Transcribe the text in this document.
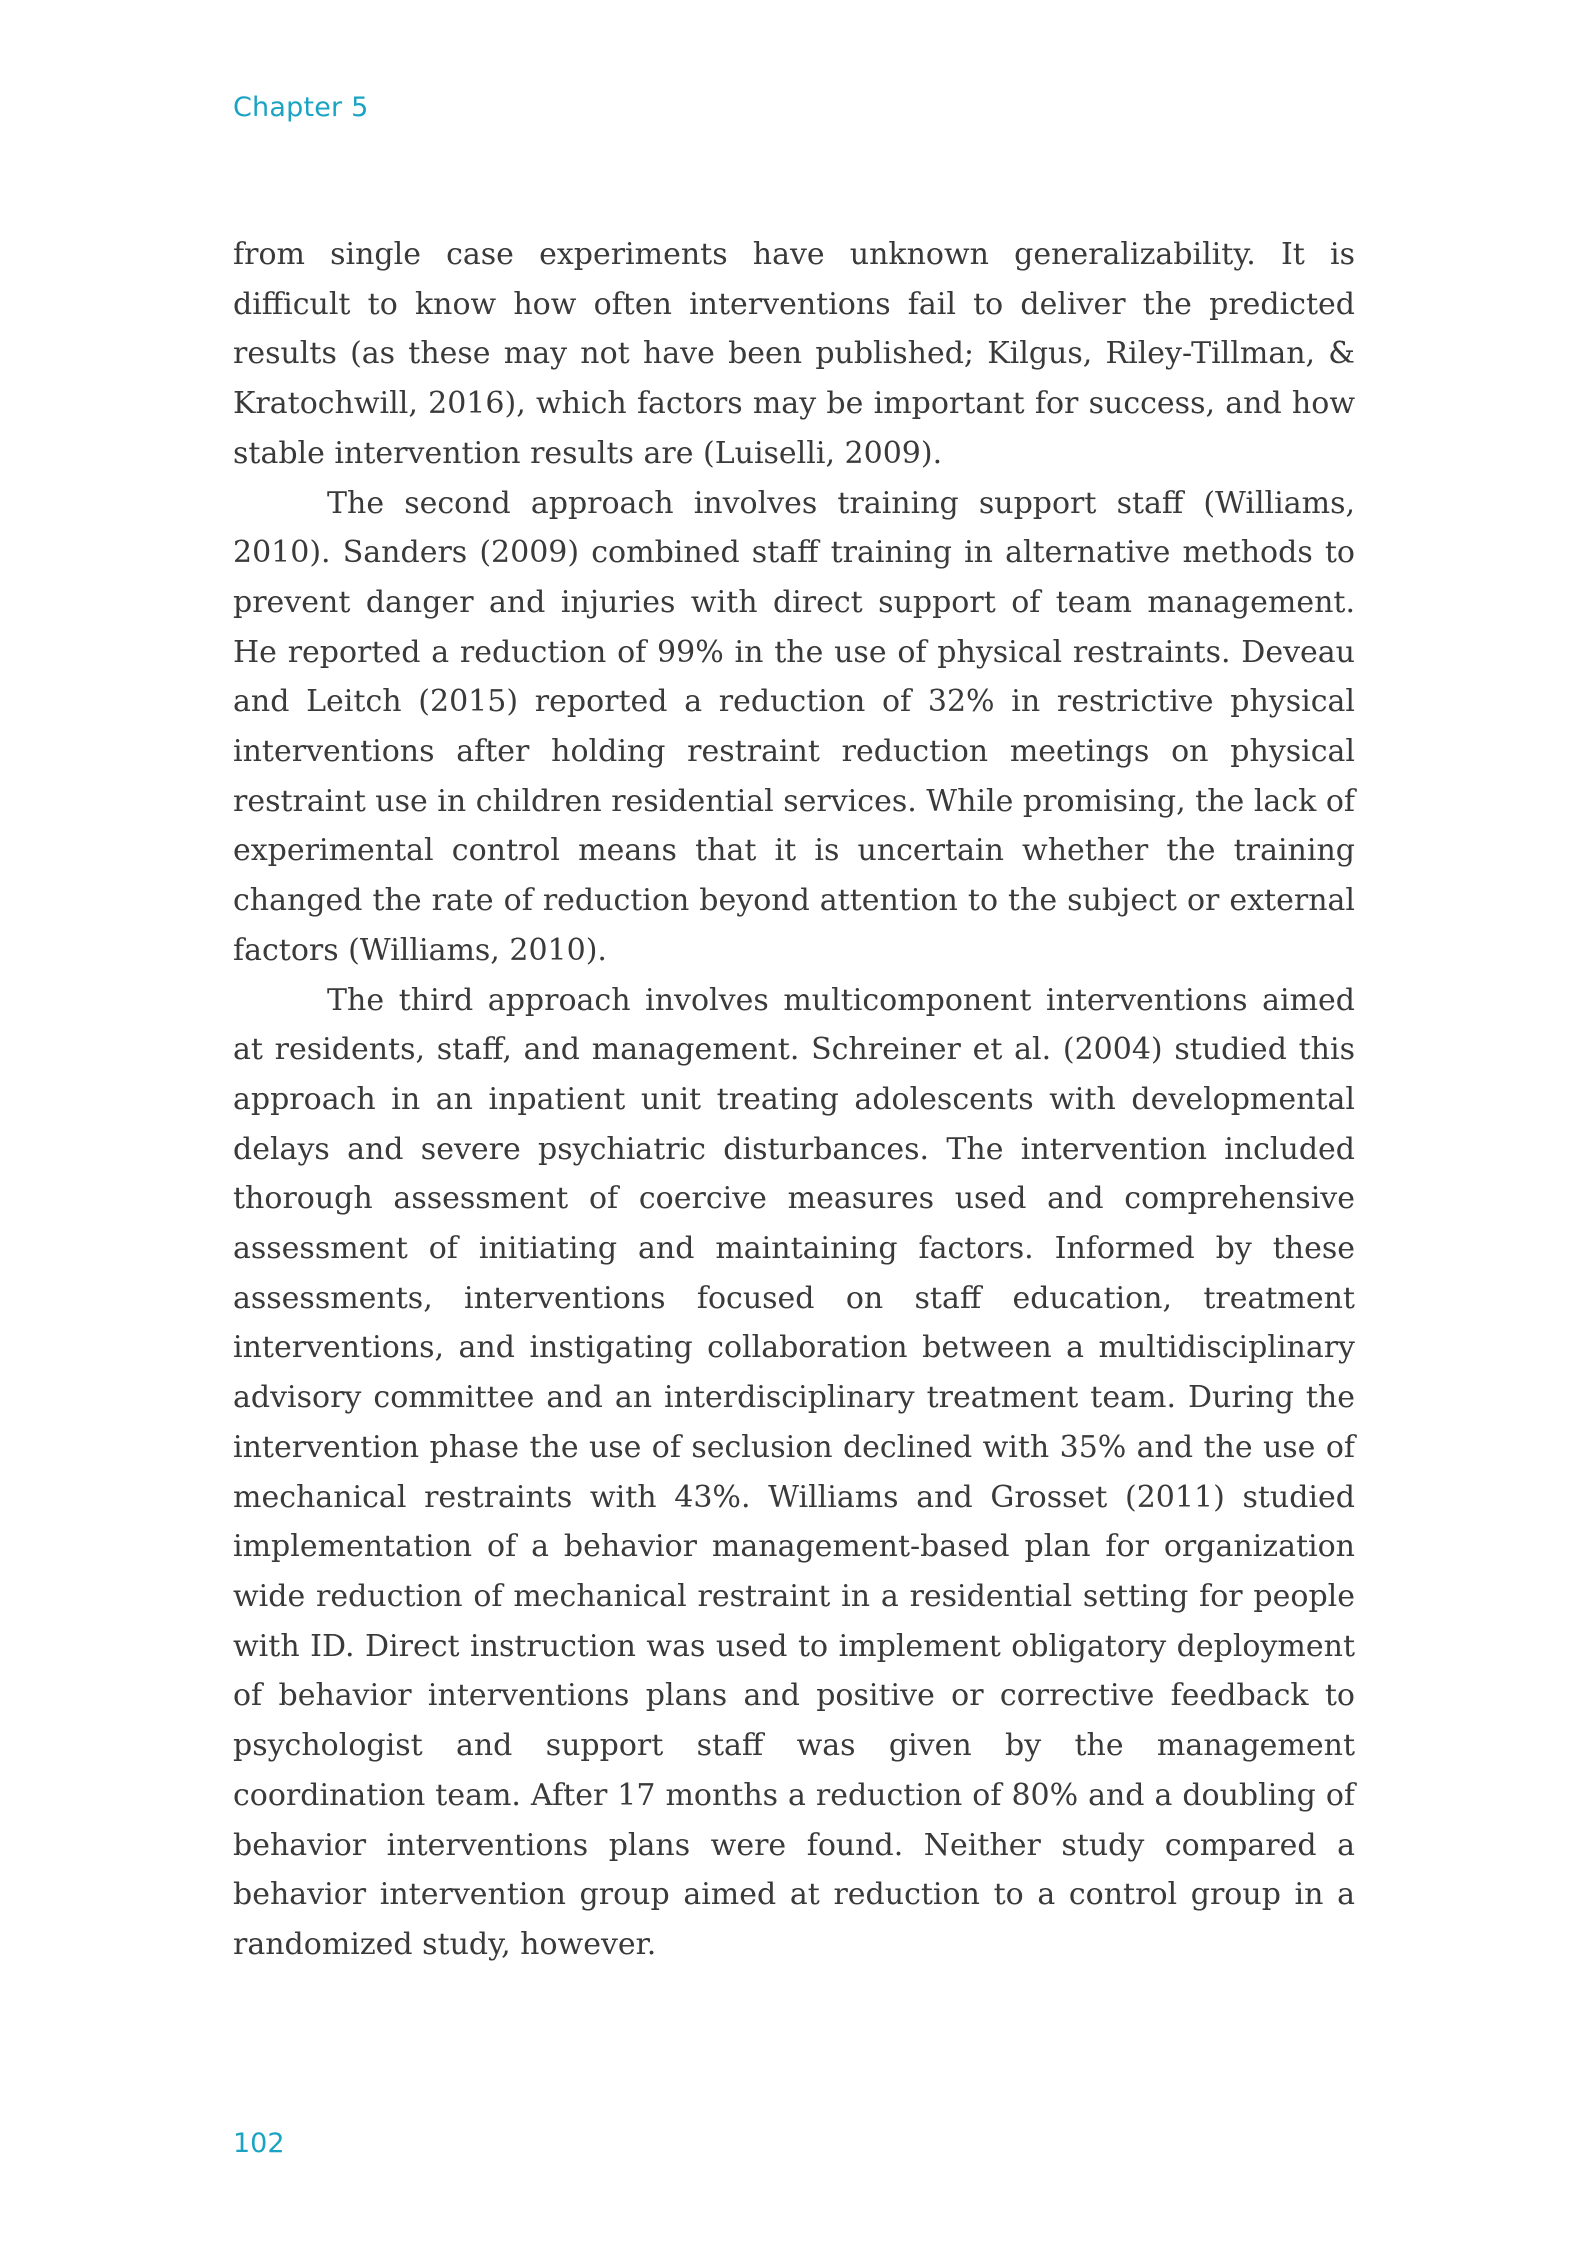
Chapter 5

from single case experiments have unknown generalizability. It is difficult to know how often interventions fail to deliver the predicted results (as these may not have been published; Kilgus, Riley-Tillman, & Kratochwill, 2016), which factors may be important for success, and how stable intervention results are (Luiselli, 2009).

The second approach involves training support staff (Williams, 2010). Sanders (2009) combined staff training in alternative methods to prevent danger and injuries with direct support of team management. He reported a reduction of 99% in the use of physical restraints. Deveau and Leitch (2015) reported a reduction of 32% in restrictive physical interventions after holding restraint reduction meetings on physical restraint use in children residential services. While promising, the lack of experimental control means that it is uncertain whether the training changed the rate of reduction beyond attention to the subject or external factors (Williams, 2010).

The third approach involves multicomponent interventions aimed at residents, staff, and management. Schreiner et al. (2004) studied this approach in an inpatient unit treating adolescents with developmental delays and severe psychiatric disturbances. The intervention included thorough assessment of coercive measures used and comprehensive assessment of initiating and maintaining factors. Informed by these assessments, interventions focused on staff education, treatment interventions, and instigating collaboration between a multidisciplinary advisory committee and an interdisciplinary treatment team. During the intervention phase the use of seclusion declined with 35% and the use of mechanical restraints with 43%. Williams and Grosset (2011) studied implementation of a behavior management-based plan for organization wide reduction of mechanical restraint in a residential setting for people with ID. Direct instruction was used to implement obligatory deployment of behavior interventions plans and positive or corrective feedback to psychologist and support staff was given by the management coordination team. After 17 months a reduction of 80% and a doubling of behavior interventions plans were found. Neither study compared a behavior intervention group aimed at reduction to a control group in a randomized study, however.

102
